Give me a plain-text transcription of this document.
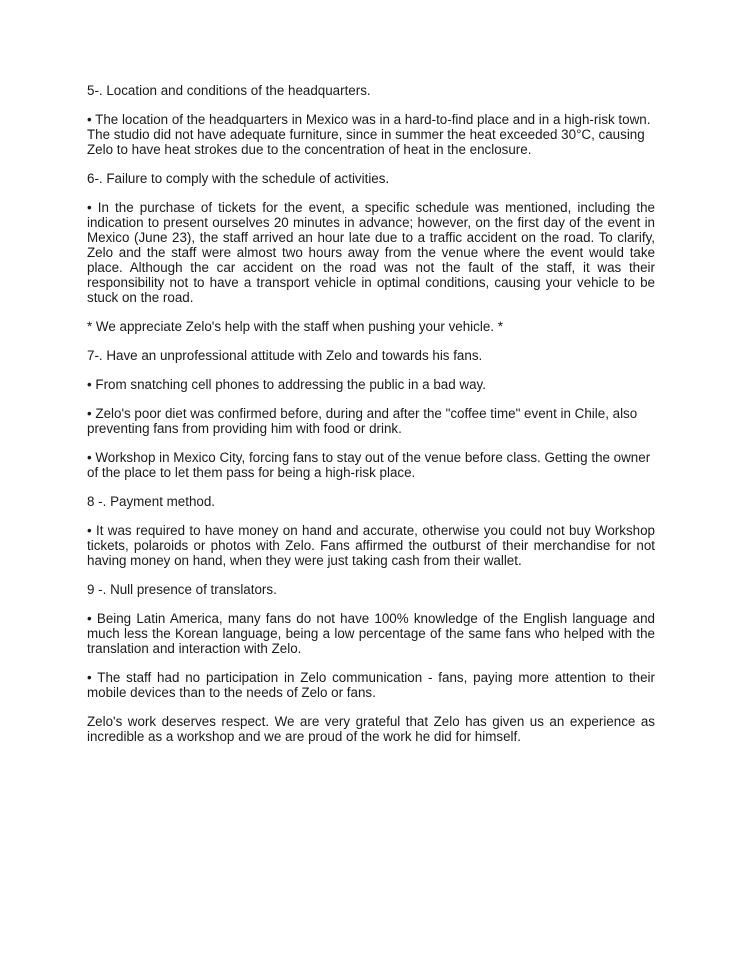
5-. Location and conditions of the headquarters.

• The location of the headquarters in Mexico was in a hard-to-find place and in a high-risk town. The studio did not have adequate furniture, since in summer the heat exceeded 30°C, causing Zelo to have heat strokes due to the concentration of heat in the enclosure.

6-. Failure to comply with the schedule of activities.

• In the purchase of tickets for the event, a specific schedule was mentioned, including the indication to present ourselves 20 minutes in advance; however, on the first day of the event in Mexico (June 23), the staff arrived an hour late due to a traffic accident on the road. To clarify, Zelo and the staff were almost two hours away from the venue where the event would take place. Although the car accident on the road was not the fault of the staff, it was their responsibility not to have a transport vehicle in optimal conditions, causing your vehicle to be stuck on the road.

* We appreciate Zelo's help with the staff when pushing your vehicle. *

7-. Have an unprofessional attitude with Zelo and towards his fans.

• From snatching cell phones to addressing the public in a bad way.

• Zelo's poor diet was confirmed before, during and after the "coffee time" event in Chile, also preventing fans from providing him with food or drink.

• Workshop in Mexico City, forcing fans to stay out of the venue before class. Getting the owner of the place to let them pass for being a high-risk place.

8 -. Payment method.

• It was required to have money on hand and accurate, otherwise you could not buy Workshop tickets, polaroids or photos with Zelo. Fans affirmed the outburst of their merchandise for not having money on hand, when they were just taking cash from their wallet.

9 -. Null presence of translators.

• Being Latin America, many fans do not have 100% knowledge of the English language and much less the Korean language, being a low percentage of the same fans who helped with the translation and interaction with Zelo.

• The staff had no participation in Zelo communication - fans, paying more attention to their mobile devices than to the needs of Zelo or fans.

Zelo's work deserves respect. We are very grateful that Zelo has given us an experience as incredible as a workshop and we are proud of the work he did for himself.
